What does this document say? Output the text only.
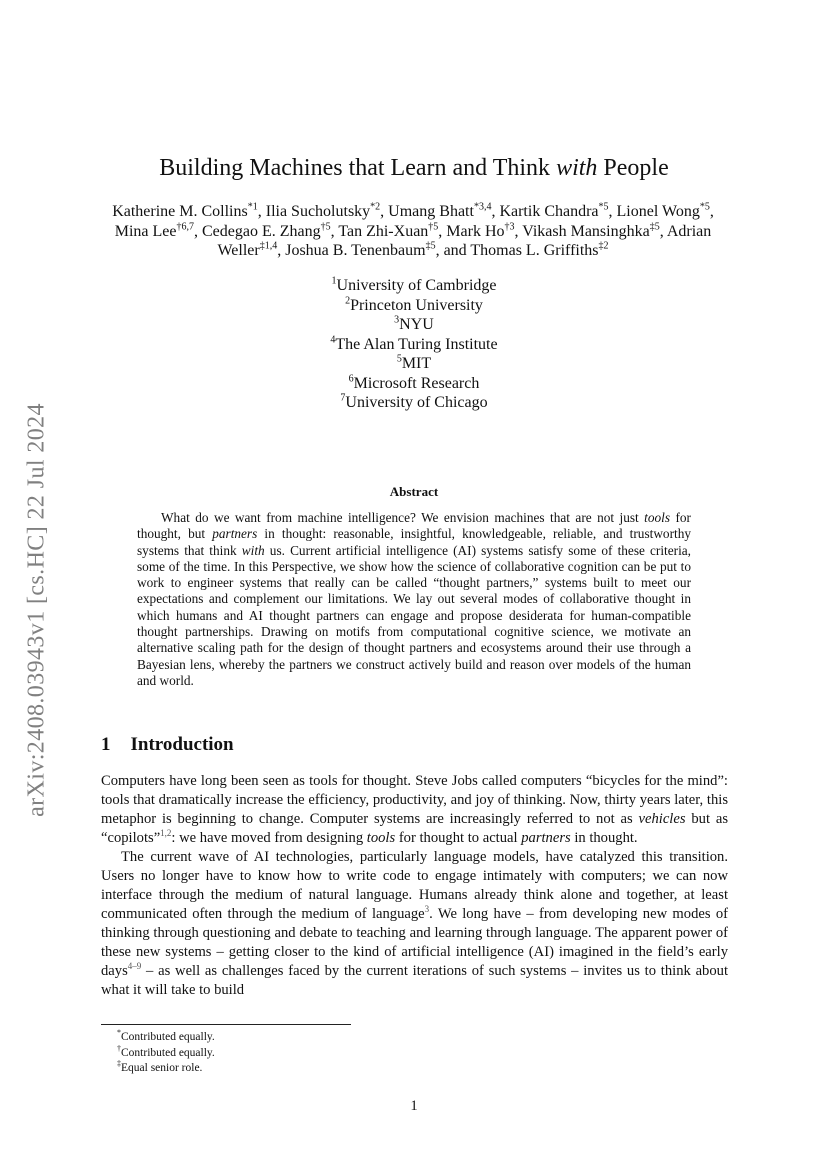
arXiv:2408.03943v1 [cs.HC] 22 Jul 2024
Building Machines that Learn and Think with People
Katherine M. Collins$^{*1}$, Ilia Sucholutsky$^{*2}$, Umang Bhatt$^{*3,4}$, Kartik Chandra$^{*5}$, Lionel Wong$^{*5}$, Mina Lee$^{\dagger 6,7}$, Cedegao E. Zhang$^{\dagger 5}$, Tan Zhi-Xuan$^{\dagger 5}$, Mark Ho$^{\dagger 3}$, Vikash Mansinghka$^{\ddagger 5}$, Adrian Weller$^{\ddagger 1,4}$, Joshua B. Tenenbaum$^{\ddagger 5}$, and Thomas L. Griffiths$^{\ddagger 2}$
$^1$University of Cambridge
$^2$Princeton University
$^3$NYU
$^4$The Alan Turing Institute
$^5$MIT
$^6$Microsoft Research
$^7$University of Chicago
Abstract

What do we want from machine intelligence? We envision machines that are not just tools for thought, but partners in thought: reasonable, insightful, knowledgeable, reliable, and trustworthy systems that think with us. Current artificial intelligence (AI) systems satisfy some of these criteria, some of the time. In this Perspective, we show how the science of collaborative cognition can be put to work to engineer systems that really can be called “thought partners,” systems built to meet our expectations and complement our limitations. We lay out several modes of collaborative thought in which humans and AI thought partners can engage and propose desiderata for human-compatible thought partnerships. Drawing on motifs from computational cognitive science, we motivate an alternative scaling path for the design of thought partners and ecosystems around their use through a Bayesian lens, whereby the partners we construct actively build and reason over models of the human and world.

1 Introduction

Computers have long been seen as tools for thought. Steve Jobs called computers “bicycles for the mind”: tools that dramatically increase the efficiency, productivity, and joy of thinking. Now, thirty years later, this metaphor is beginning to change. Computer systems are increasingly referred to not as vehicles but as “copilots”$^{1,2}$: we have moved from designing tools for thought to actual partners in thought.

The current wave of AI technologies, particularly language models, have catalyzed this transition. Users no longer have to know how to write code to engage intimately with computers; we can now interface through the medium of natural language. Humans already think alone and together, at least communicated often through the medium of language$^3$. We long have – from developing new modes of thinking through questioning and debate to teaching and learning through language. The apparent power of these new systems – getting closer to the kind of artificial intelligence (AI) imagined in the field’s early days$^{4-9}$ – as well as challenges faced by the current iterations of such systems – invites us to think about what it will take to build

*Contributed equally.
†Contributed equally.
‡Equal senior role.
1
